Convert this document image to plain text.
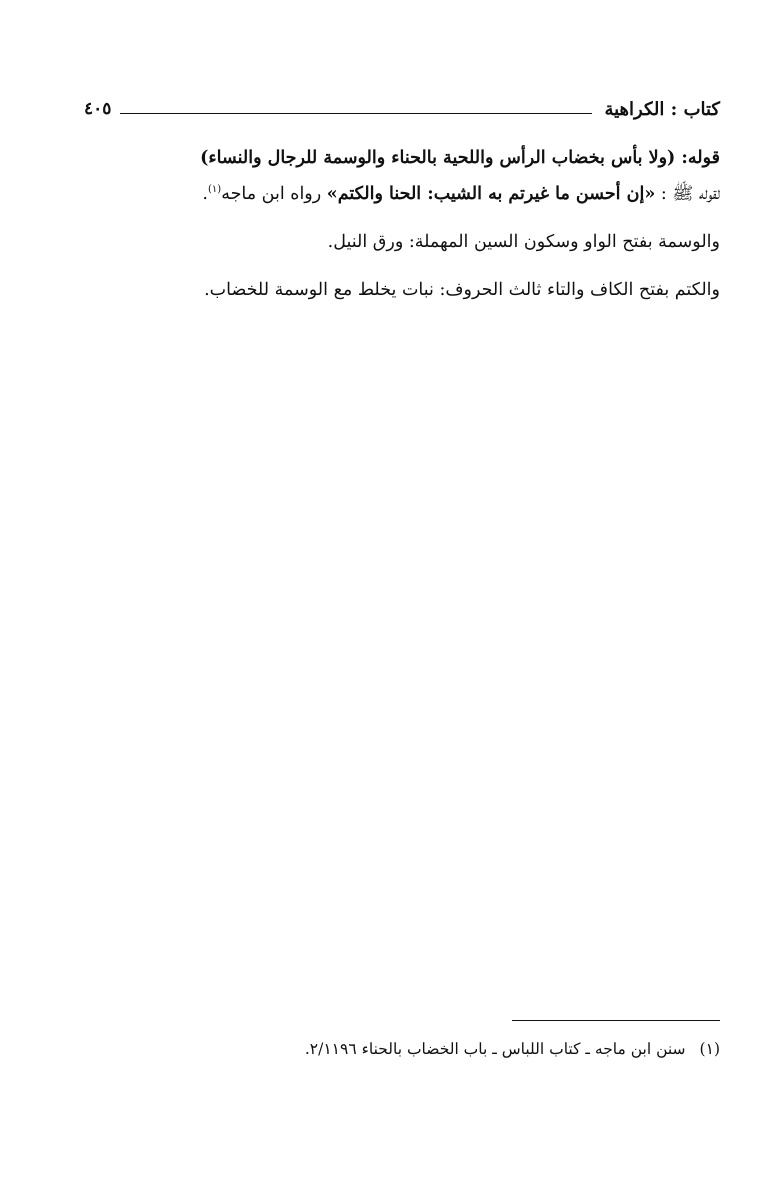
كتاب : الكراهية
٤٠٥

قوله: (ولا بأس بخضاب الرأس واللحية بالحناء والوسمة للرجال والنساء)

لقوله ﷺ : «إن أحسن ما غيرتم به الشيب: الحنا والكتم» رواه ابن ماجه$^{(١)}$.

والوسمة بفتح الواو وسكون السين المهملة: ورق النيل.

والكتم بفتح الكاف والتاء ثالث الحروف: نبات يخلط مع الوسمة للخضاب.

(١)سنن ابن ماجه ـ كتاب اللباس ـ باب الخضاب بالحناء ٢/١١٩٦.
